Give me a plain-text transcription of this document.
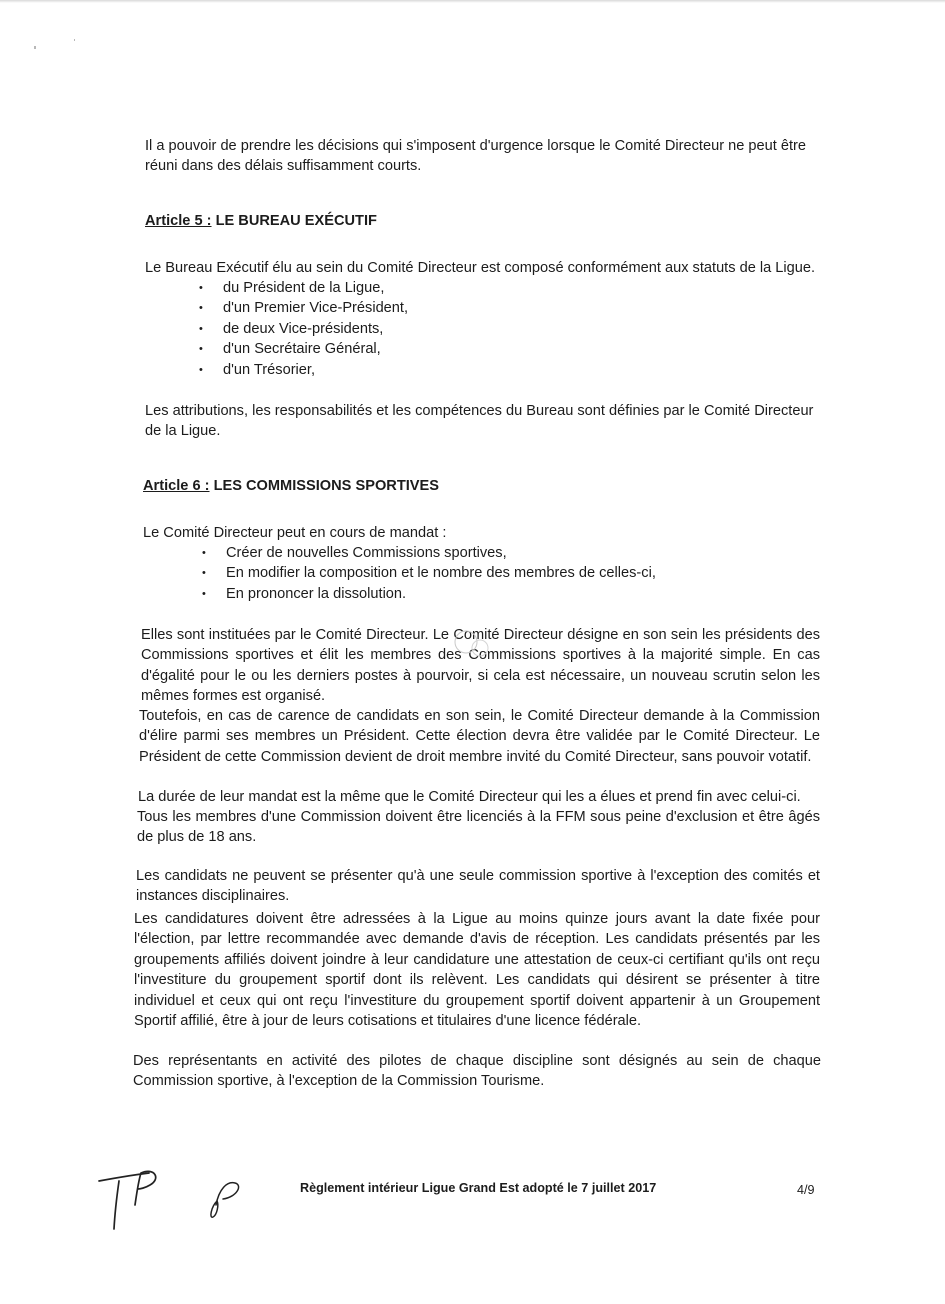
Il a pouvoir de prendre les décisions qui s'imposent d'urgence lorsque le Comité Directeur ne peut être réuni dans des délais suffisamment courts.

Article 5 : LE BUREAU EXÉCUTIF

Le Bureau Exécutif élu au sein du Comité Directeur est composé conformément aux statuts de la Ligue.

• du Président de la Ligue,
• d'un Premier Vice-Président,
• de deux Vice-présidents,
• d'un Secrétaire Général,
• d'un Trésorier,

Les attributions, les responsabilités et les compétences du Bureau sont définies par le Comité Directeur de la Ligue.

Article 6 : LES COMMISSIONS SPORTIVES

Le Comité Directeur peut en cours de mandat :

• Créer de nouvelles Commissions sportives,
• En modifier la composition et le nombre des membres de celles-ci,
• En prononcer la dissolution.

Elles sont instituées par le Comité Directeur. Le Comité Directeur désigne en son sein les présidents des Commissions sportives et élit les membres des Commissions sportives à la majorité simple. En cas d'égalité pour le ou les derniers postes à pourvoir, si cela est nécessaire, un nouveau scrutin selon les mêmes formes est organisé.

Toutefois, en cas de carence de candidats en son sein, le Comité Directeur demande à la Commission d'élire parmi ses membres un Président. Cette élection devra être validée par le Comité Directeur. Le Président de cette Commission devient de droit membre invité du Comité Directeur, sans pouvoir votatif.

La durée de leur mandat est la même que le Comité Directeur qui les a élues et prend fin avec celui-ci.

Tous les membres d'une Commission doivent être licenciés à la FFM sous peine d'exclusion et être âgés de plus de 18 ans.

Les candidats ne peuvent se présenter qu'à une seule commission sportive à l'exception des comités et instances disciplinaires.

Les candidatures doivent être adressées à la Ligue au moins quinze jours avant la date fixée pour l'élection, par lettre recommandée avec demande d'avis de réception. Les candidats présentés par les groupements affiliés doivent joindre à leur candidature une attestation de ceux-ci certifiant qu'ils ont reçu l'investiture du groupement sportif dont ils relèvent. Les candidats qui désirent se présenter à titre individuel et ceux qui ont reçu l'investiture du groupement sportif doivent appartenir à un Groupement Sportif affilié, être à jour de leurs cotisations et titulaires d'une licence fédérale.

Des représentants en activité des pilotes de chaque discipline sont désignés au sein de chaque Commission sportive, à l'exception de la Commission Tourisme.

Règlement intérieur Ligue Grand Est adopté le 7 juillet 2017	4/9
